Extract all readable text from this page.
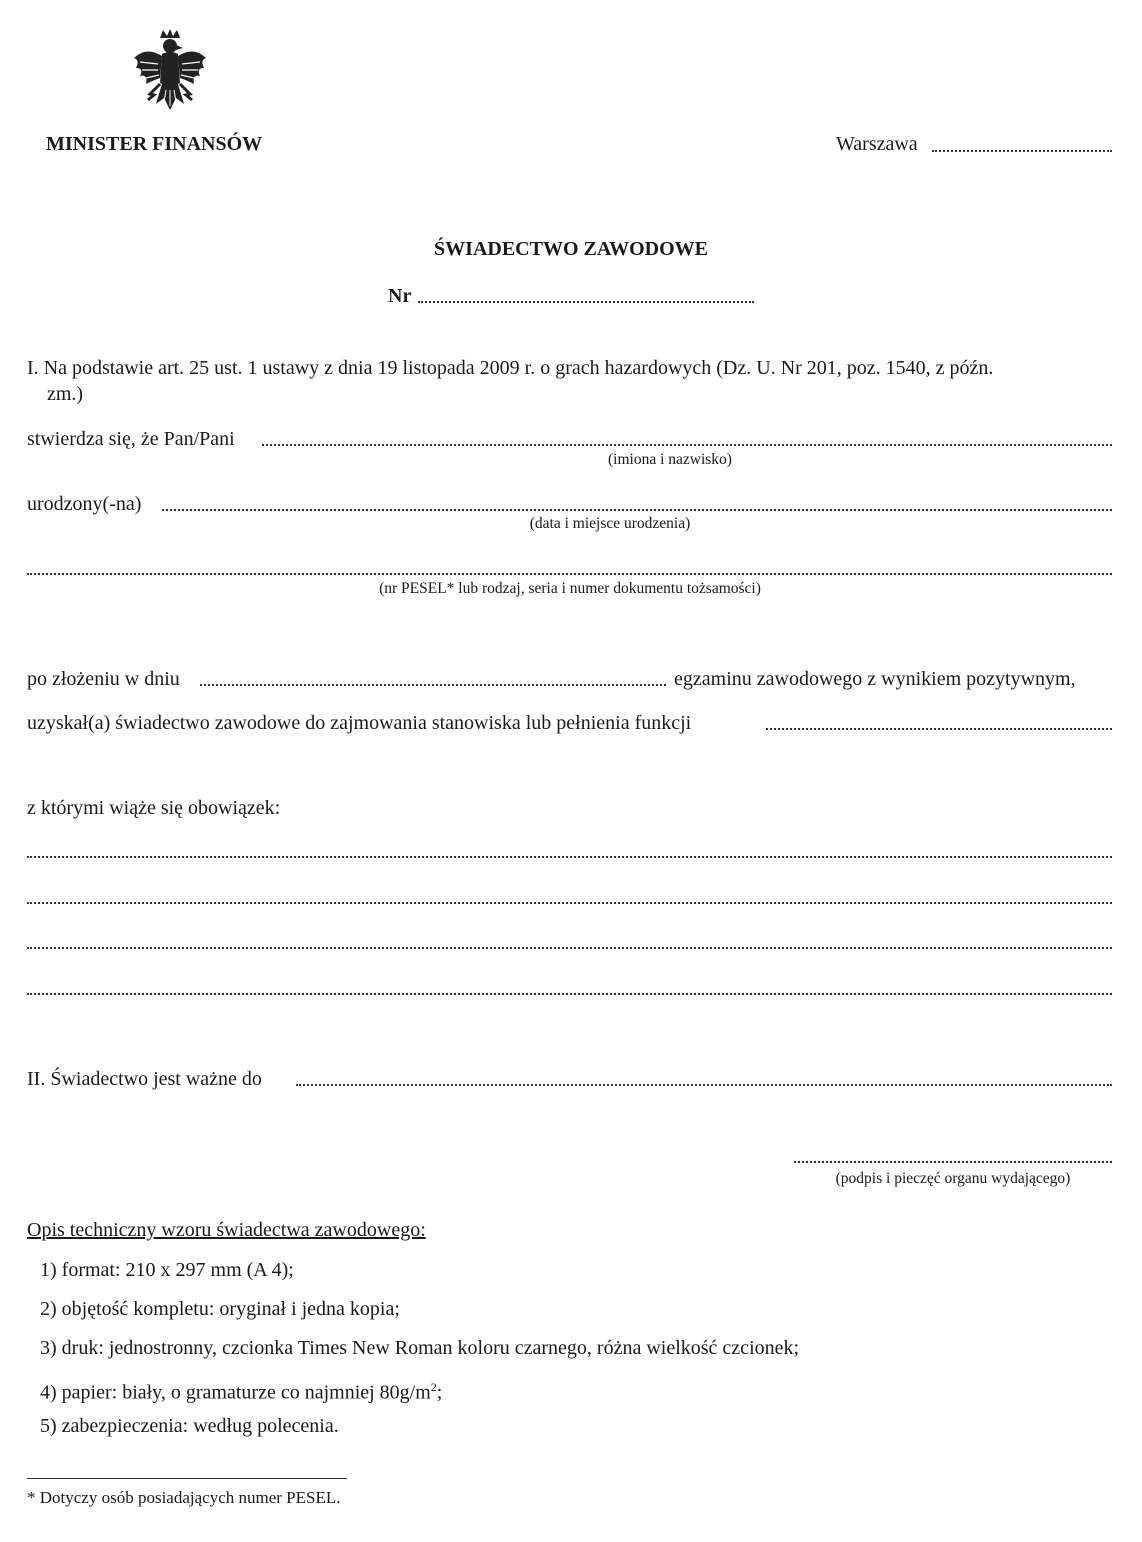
MINISTER FINANSÓW	Warszawa
ŚWIADECTWO ZAWODOWE
Nr
I. Na podstawie art. 25 ust. 1 ustawy z dnia 19 listopada 2009 r. o grach hazardowych (Dz. U. Nr 201, poz. 1540, z późn.
zm.)
stwierdza się, że Pan/Pani
(imiona i nazwisko)
urodzony(-na)
(data i miejsce urodzenia)
(nr PESEL* lub rodzaj, seria i numer dokumentu tożsamości)
po złożeniu w dniu	egzaminu zawodowego z wynikiem pozytywnym,
uzyskał(a) świadectwo zawodowe do zajmowania stanowiska lub pełnienia funkcji
z którymi wiąże się obowiązek:
II. Świadectwo jest ważne do
(podpis i pieczęć organu wydającego)
Opis techniczny wzoru świadectwa zawodowego:
1) format: 210 x 297 mm (A 4);
2) objętość kompletu: oryginał i jedna kopia;
3) druk: jednostronny, czcionka Times New Roman koloru czarnego, różna wielkość czcionek;
4) papier: biały, o gramaturze co najmniej $80g/m^2$;
5) zabezpieczenia: według polecenia.
* Dotyczy osób posiadających numer PESEL.
